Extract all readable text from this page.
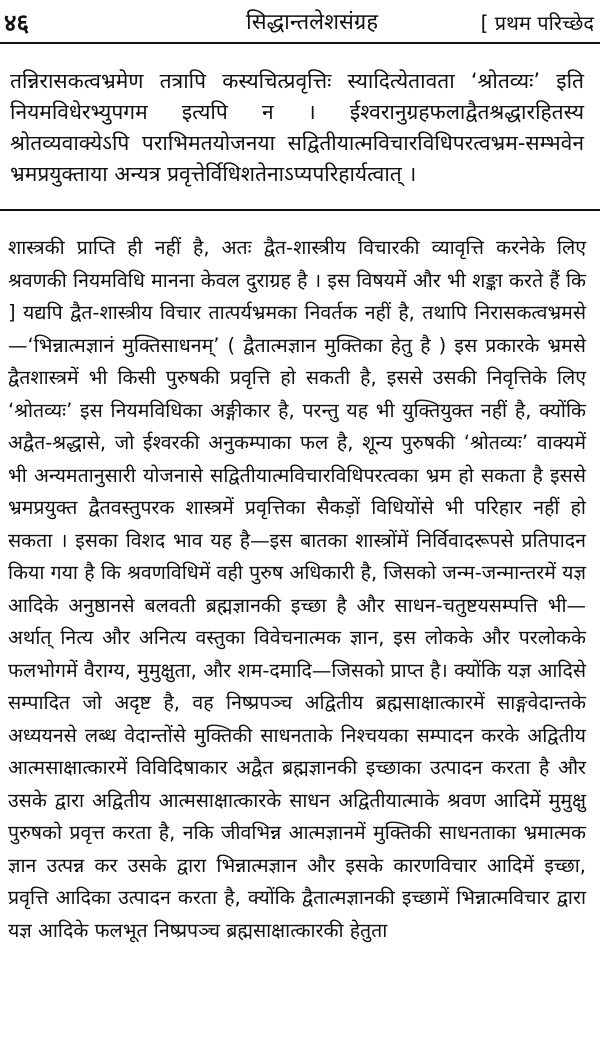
४६	सिद्धान्तलेशसंग्रह	[ प्रथम परिच्छेद

तन्निरासकत्वभ्रमेण तत्रापि कस्यचित्प्रवृत्तिः स्यादित्येतावता ‘श्रोतव्यः’ इति नियमविधेरभ्युपगम इत्यपि न । ईश्वरानुग्रहफलाद्वैतश्रद्धारहितस्य श्रोतव्यवाक्येऽपि पराभिमतयोजनया सद्वितीयात्मविचारविधिपरत्वभ्रम-सम्भवेन भ्रमप्रयुक्ताया अन्यत्र प्रवृत्तेर्विधिशतेनाऽप्यपरिहार्यत्वात् ।

शास्त्रकी प्राप्ति ही नहीं है, अतः द्वैत-शास्त्रीय विचारकी व्यावृत्ति करनेके लिए श्रवणकी नियमविधि मानना केवल दुराग्रह है । इस विषयमें और भी शङ्का करते हैं कि ] यद्यपि द्वैत-शास्त्रीय विचार तात्पर्यभ्रमका निवर्तक नहीं है, तथापि निरासकत्वभ्रमसे—‘भिन्नात्मज्ञानं मुक्तिसाधनम्’ ( द्वैतात्मज्ञान मुक्तिका हेतु है ) इस प्रकारके भ्रमसे द्वैतशास्त्रमें भी किसी पुरुषकी प्रवृत्ति हो सकती है, इससे उसकी निवृत्तिके लिए ‘श्रोतव्यः’ इस नियमविधिका अङ्गीकार है, परन्तु यह भी युक्तियुक्त नहीं है, क्योंकि अद्वैत-श्रद्धासे, जो ईश्वरकी अनुकम्पाका फल है, शून्य पुरुषकी ‘श्रोतव्यः’ वाक्यमें भी अन्यमतानुसारी योजनासे सद्वितीयात्मविचारविधिपरत्वका भ्रम हो सकता है इससे भ्रमप्रयुक्त द्वैतवस्तुपरक शास्त्रमें प्रवृत्तिका सैकड़ों विधियोंसे भी परिहार नहीं हो सकता । इसका विशद भाव यह है—इस बातका शास्त्रोंमें निर्विवादरूपसे प्रतिपादन किया गया है कि श्रवणविधिमें वही पुरुष अधिकारी है, जिसको जन्म-जन्मान्तरमें यज्ञ आदिके अनुष्ठानसे बलवती ब्रह्मज्ञानकी इच्छा है और साधन-चतुष्टयसम्पत्ति भी—अर्थात् नित्य और अनित्य वस्तुका विवेचनात्मक ज्ञान, इस लोकके और परलोकके फलभोगमें वैराग्य, मुमुक्षुता, और शम-दमादि—जिसको प्राप्त है। क्योंकि यज्ञ आदिसे सम्पादित जो अदृष्ट है, वह निष्प्रपञ्च अद्वितीय ब्रह्मसाक्षात्कारमें साङ्गवेदान्तके अध्ययनसे लब्ध वेदान्तोंसे मुक्तिकी साधनताके निश्चयका सम्पादन करके अद्वितीय आत्मसाक्षात्कारमें विविदिषाकार अद्वैत ब्रह्मज्ञानकी इच्छाका उत्पादन करता है और उसके द्वारा अद्वितीय आत्मसाक्षात्कारके साधन अद्वितीयात्माके श्रवण आदिमें मुमुक्षु पुरुषको प्रवृत्त करता है, नकि जीवभिन्न आत्मज्ञानमें मुक्तिकी साधनताका भ्रमात्मक ज्ञान उत्पन्न कर उसके द्वारा भिन्नात्मज्ञान और इसके कारणविचार आदिमें इच्छा, प्रवृत्ति आदिका उत्पादन करता है, क्योंकि द्वैतात्मज्ञानकी इच्छामें भिन्नात्मविचार द्वारा यज्ञ आदिके फलभूत निष्प्रपञ्च ब्रह्मसाक्षात्कारकी हेतुता
